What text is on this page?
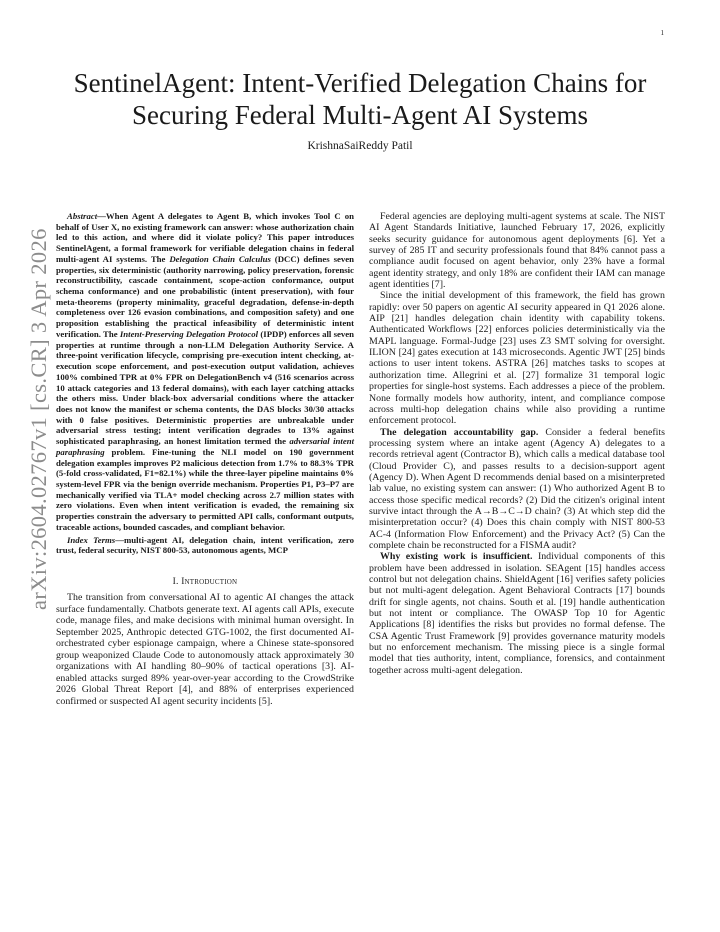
1
arXiv:2604.02767v1 [cs.CR] 3 Apr 2026
SentinelAgent: Intent-Verified Delegation Chains for Securing Federal Multi-Agent AI Systems
KrishnaSaiReddy Patil

Abstract—When Agent A delegates to Agent B, which invokes Tool C on behalf of User X, no existing framework can answer: whose authorization chain led to this action, and where did it violate policy? This paper introduces SentinelAgent, a formal framework for verifiable delegation chains in federal multi-agent AI systems. The Delegation Chain Calculus (DCC) defines seven properties, six deterministic (authority narrowing, policy preservation, forensic reconstructibility, cascade containment, scope-action conformance, output schema conformance) and one probabilistic (intent preservation), with four meta-theorems (property minimality, graceful degradation, defense-in-depth completeness over 126 evasion combinations, and composition safety) and one proposition establishing the practical infeasibility of deterministic intent verification. The Intent-Preserving Delegation Protocol (IPDP) enforces all seven properties at runtime through a non-LLM Delegation Authority Service. A three-point verification lifecycle, comprising pre-execution intent checking, at-execution scope enforcement, and post-execution output validation, achieves 100% combined TPR at 0% FPR on DelegationBench v4 (516 scenarios across 10 attack categories and 13 federal domains), with each layer catching attacks the others miss. Under black-box adversarial conditions where the attacker does not know the manifest or schema contents, the DAS blocks 30/30 attacks with 0 false positives. Deterministic properties are unbreakable under adversarial stress testing; intent verification degrades to 13% against sophisticated paraphrasing, an honest limitation termed the adversarial intent paraphrasing problem. Fine-tuning the NLI model on 190 government delegation examples improves P2 malicious detection from 1.7% to 88.3% TPR (5-fold cross-validated, F1=82.1%) while the three-layer pipeline maintains 0% system-level FPR via the benign override mechanism. Properties P1, P3–P7 are mechanically verified via TLA+ model checking across 2.7 million states with zero violations. Even when intent verification is evaded, the remaining six properties constrain the adversary to permitted API calls, conformant outputs, traceable actions, bounded cascades, and compliant behavior.

Index Terms—multi-agent AI, delegation chain, intent verification, zero trust, federal security, NIST 800-53, autonomous agents, MCP

I. Introduction

The transition from conversational AI to agentic AI changes the attack surface fundamentally. Chatbots generate text. AI agents call APIs, execute code, manage files, and make decisions with minimal human oversight. In September 2025, Anthropic detected GTG-1002, the first documented AI-orchestrated cyber espionage campaign, where a Chinese state-sponsored group weaponized Claude Code to autonomously attack approximately 30 organizations with AI handling 80–90% of tactical operations [3]. AI-enabled attacks surged 89% year-over-year according to the CrowdStrike 2026 Global Threat Report [4], and 88% of enterprises experienced confirmed or suspected AI agent security incidents [5].

Federal agencies are deploying multi-agent systems at scale. The NIST AI Agent Standards Initiative, launched February 17, 2026, explicitly seeks security guidance for autonomous agent deployments [6]. Yet a survey of 285 IT and security professionals found that 84% cannot pass a compliance audit focused on agent behavior, only 23% have a formal agent identity strategy, and only 18% are confident their IAM can manage agent identities [7].

Since the initial development of this framework, the field has grown rapidly: over 50 papers on agentic AI security appeared in Q1 2026 alone. AIP [21] handles delegation chain identity with capability tokens. Authenticated Workflows [22] enforces policies deterministically via the MAPL language. Formal-Judge [23] uses Z3 SMT solving for oversight. ILION [24] gates execution at 143 microseconds. Agentic JWT [25] binds actions to user intent tokens. ASTRA [26] matches tasks to scopes at authorization time. Allegrini et al. [27] formalize 31 temporal logic properties for single-host systems. Each addresses a piece of the problem. None formally models how authority, intent, and compliance compose across multi-hop delegation chains while also providing a runtime enforcement protocol.

The delegation accountability gap. Consider a federal benefits processing system where an intake agent (Agency A) delegates to a records retrieval agent (Contractor B), which calls a medical database tool (Cloud Provider C), and passes results to a decision-support agent (Agency D). When Agent D recommends denial based on a misinterpreted lab value, no existing system can answer: (1) Who authorized Agent B to access those specific medical records? (2) Did the citizen's original intent survive intact through the A→B→C→D chain? (3) At which step did the misinterpretation occur? (4) Does this chain comply with NIST 800-53 AC-4 (Information Flow Enforcement) and the Privacy Act? (5) Can the complete chain be reconstructed for a FISMA audit?

Why existing work is insufficient. Individual components of this problem have been addressed in isolation. SEAgent [15] handles access control but not delegation chains. ShieldAgent [16] verifies safety policies but not multi-agent delegation. Agent Behavioral Contracts [17] bounds drift for single agents, not chains. South et al. [19] handle authentication but not intent or compliance. The OWASP Top 10 for Agentic Applications [8] identifies the risks but provides no formal defense. The CSA Agentic Trust Framework [9] provides governance maturity models but no enforcement mechanism. The missing piece is a single formal model that ties authority, intent, compliance, forensics, and containment together across multi-agent delegation.
